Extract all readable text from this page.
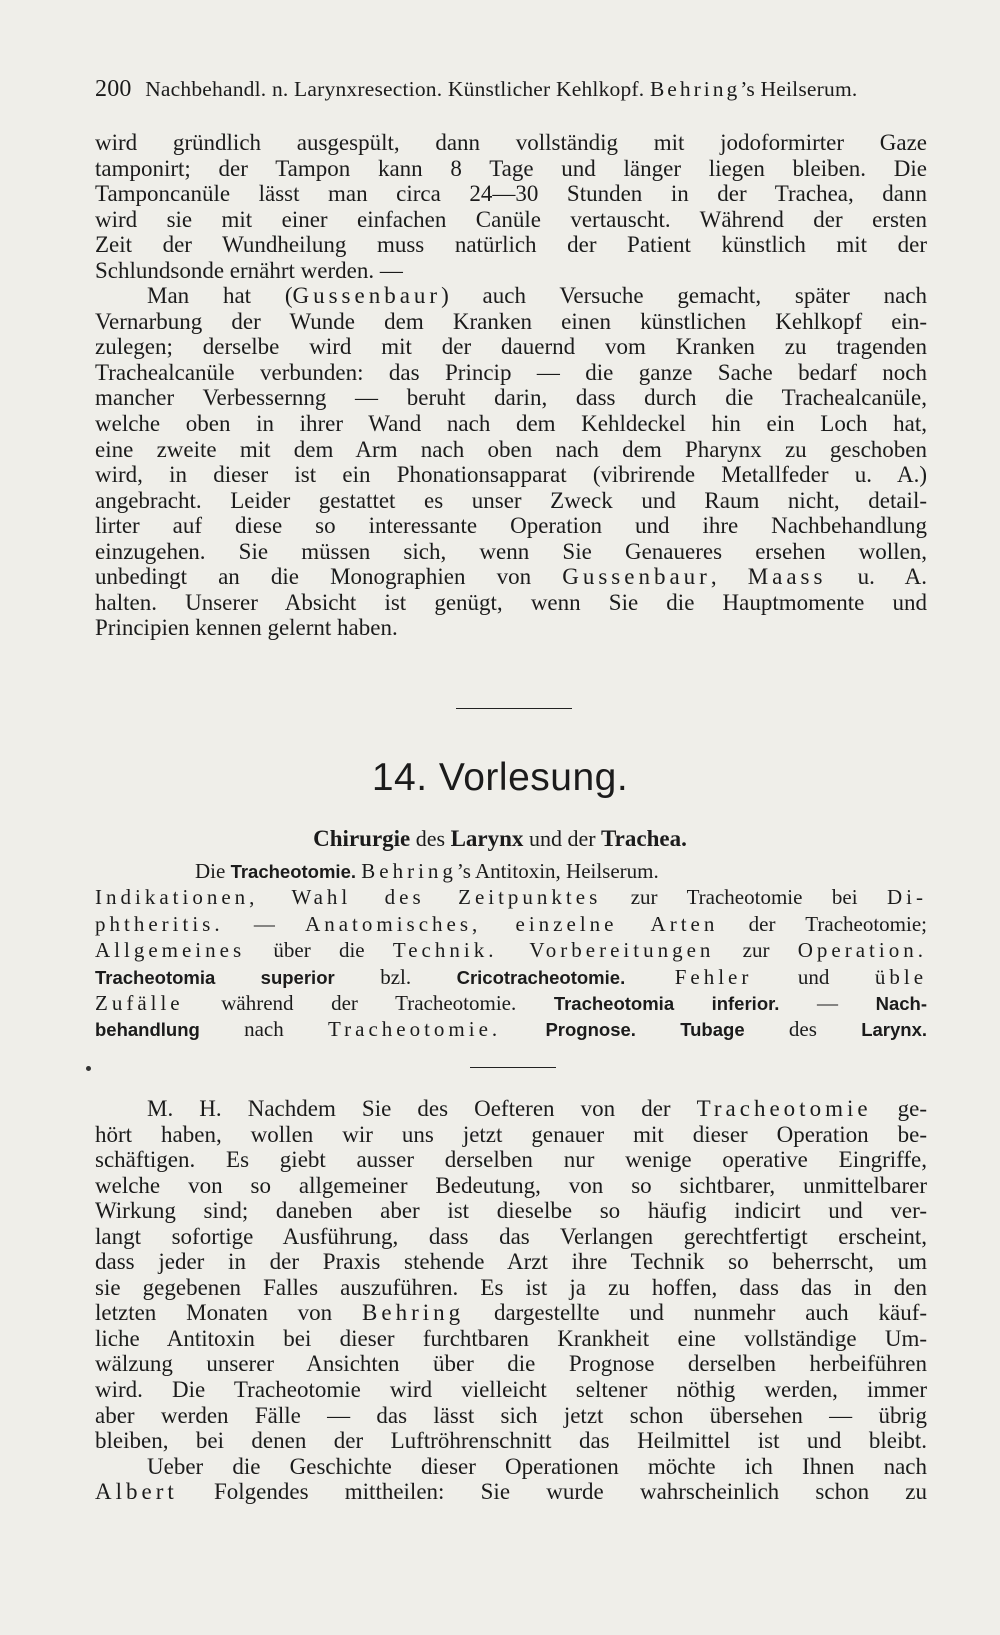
200 Nachbehandl. n. Larynxresection. Künstlicher Kehlkopf. Behring’s Heilserum.
wird gründlich ausgespült, dann vollständig mit jodoformirter Gaze
tamponirt; der Tampon kann 8 Tage und länger liegen bleiben. Die
Tamponcanüle lässt man circa 24—30 Stunden in der Trachea, dann
wird sie mit einer einfachen Canüle vertauscht. Während der ersten
Zeit der Wundheilung muss natürlich der Patient künstlich mit der
Schlundsonde ernährt werden. —
Man hat (Gussenbaur) auch Versuche gemacht, später nach
Vernarbung der Wunde dem Kranken einen künstlichen Kehlkopf ein-
zulegen; derselbe wird mit der dauernd vom Kranken zu tragenden
Trachealcanüle verbunden: das Princip — die ganze Sache bedarf noch
mancher Verbessernng — beruht darin, dass durch die Trachealcanüle,
welche oben in ihrer Wand nach dem Kehldeckel hin ein Loch hat,
eine zweite mit dem Arm nach oben nach dem Pharynx zu geschoben
wird, in dieser ist ein Phonationsapparat (vibrirende Metallfeder u. A.)
angebracht. Leider gestattet es unser Zweck und Raum nicht, detail-
lirter auf diese so interessante Operation und ihre Nachbehandlung
einzugehen. Sie müssen sich, wenn Sie Genaueres ersehen wollen,
unbedingt an die Monographien von Gussenbaur, Maass u. A.
halten. Unserer Absicht ist genügt, wenn Sie die Hauptmomente und
Principien kennen gelernt haben.
14. Vorlesung.
Chirurgie des Larynx und der Trachea.
Die Tracheotomie. Behring’s Antitoxin, Heilserum.
Indikationen, Wahl des Zeitpunktes zur Tracheotomie bei Di-
phtheritis. — Anatomisches, einzelne Arten der Tracheotomie;
Allgemeines über die Technik. Vorbereitungen zur Operation.
Tracheotomia superior bzl. Cricotracheotomie. Fehler und üble
Zufälle während der Tracheotomie. Tracheotomia inferior. — Nach-
behandlung nach Tracheotomie. Prognose. Tubage des Larynx.
M. H. Nachdem Sie des Oefteren von der Tracheotomie ge-
hört haben, wollen wir uns jetzt genauer mit dieser Operation be-
schäftigen. Es giebt ausser derselben nur wenige operative Eingriffe,
welche von so allgemeiner Bedeutung, von so sichtbarer, unmittelbarer
Wirkung sind; daneben aber ist dieselbe so häufig indicirt und ver-
langt sofortige Ausführung, dass das Verlangen gerechtfertigt erscheint,
dass jeder in der Praxis stehende Arzt ihre Technik so beherrscht, um
sie gegebenen Falles auszuführen. Es ist ja zu hoffen, dass das in den
letzten Monaten von Behring dargestellte und nunmehr auch käuf-
liche Antitoxin bei dieser furchtbaren Krankheit eine vollständige Um-
wälzung unserer Ansichten über die Prognose derselben herbeiführen
wird. Die Tracheotomie wird vielleicht seltener nöthig werden, immer
aber werden Fälle — das lässt sich jetzt schon übersehen — übrig
bleiben, bei denen der Luftröhrenschnitt das Heilmittel ist und bleibt.
Ueber die Geschichte dieser Operationen möchte ich Ihnen nach
Albert Folgendes mittheilen: Sie wurde wahrscheinlich schon zu
